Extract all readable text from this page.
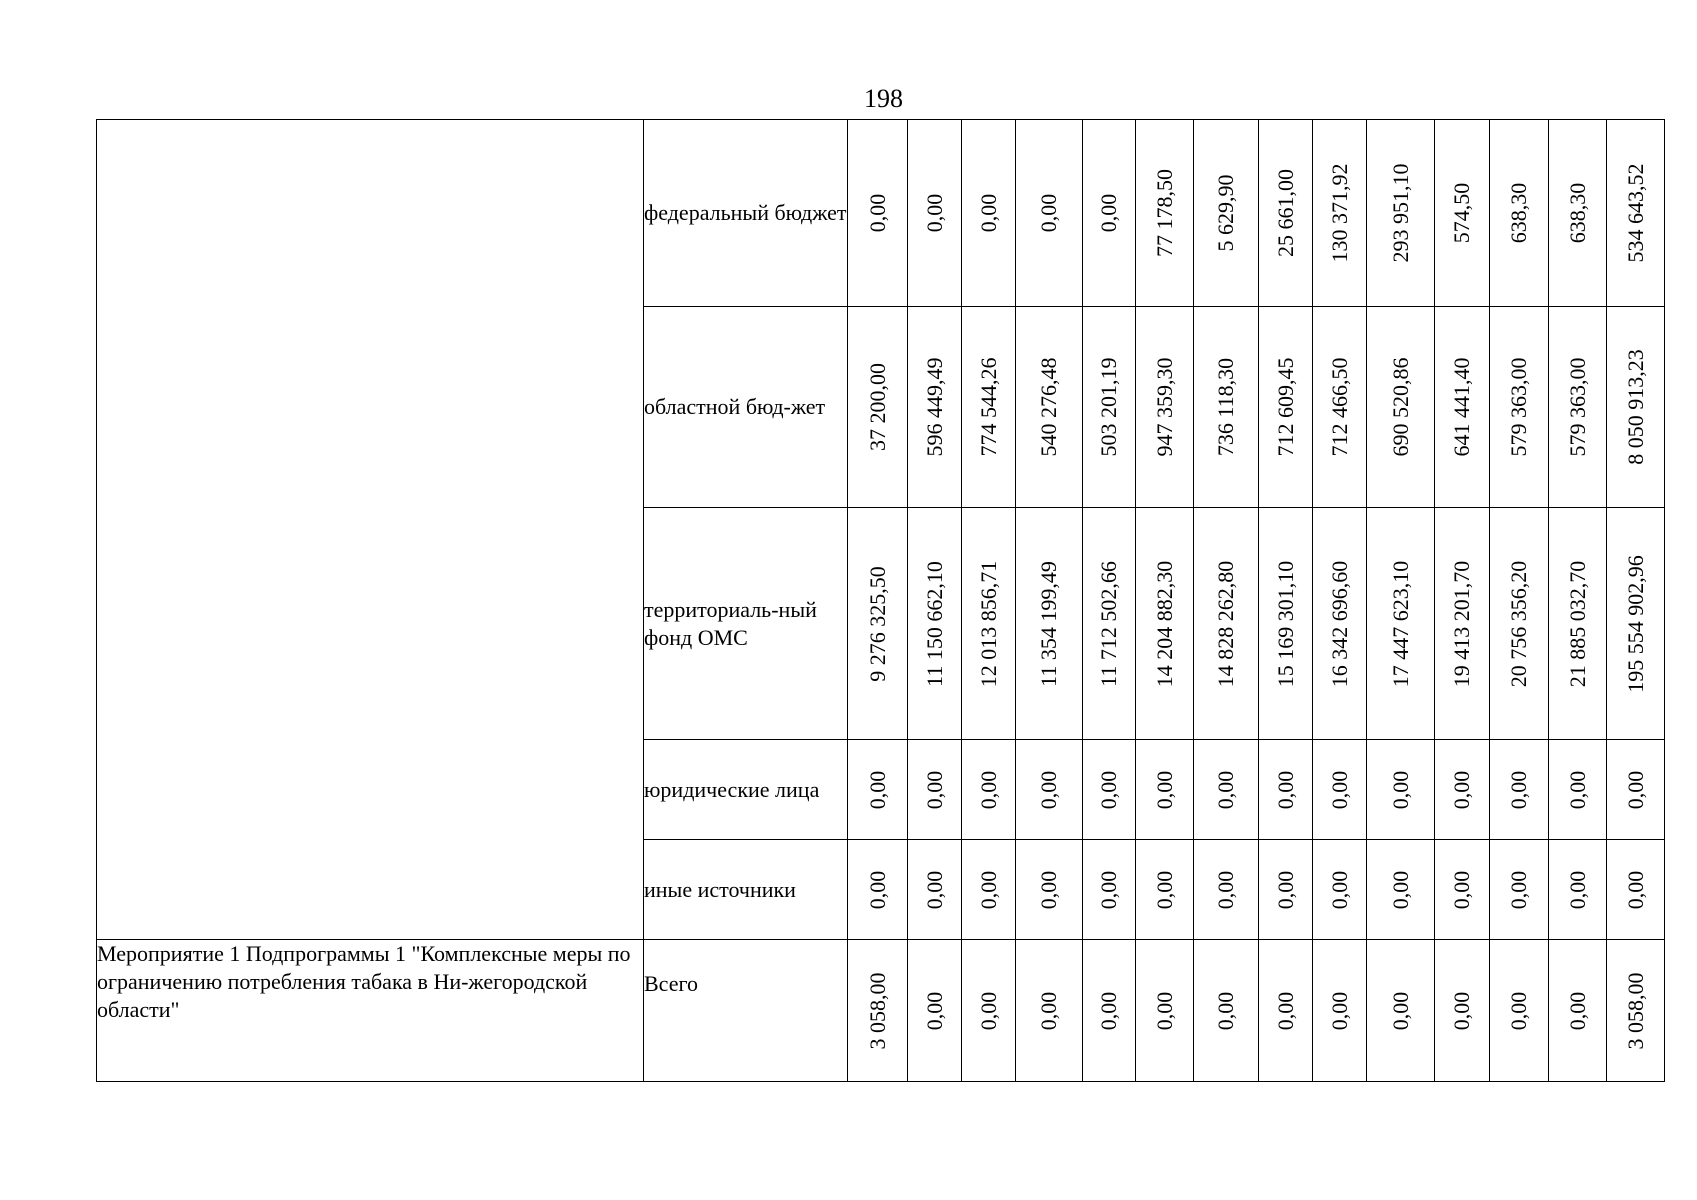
198
	федеральный бюджет	0,00	0,00	0,00	0,00	0,00	77 178,50	5 629,90	25 661,00	130 371,92	293 951,10	574,50	638,30	638,30	534 643,52

	областной бюд-жет	37 200,00	596 449,49	774 544,26	540 276,48	503 201,19	947 359,30	736 118,30	712 609,45	712 466,50	690 520,86	641 441,40	579 363,00	579 363,00	8 050 913,23

	территориаль-ный фонд ОМС	9 276 325,50	11 150 662,10	12 013 856,71	11 354 199,49	11 712 502,66	14 204 882,30	14 828 262,80	15 169 301,10	16 342 696,60	17 447 623,10	19 413 201,70	20 756 356,20	21 885 032,70	195 554 902,96

	юридические лица	0,00	0,00	0,00	0,00	0,00	0,00	0,00	0,00	0,00	0,00	0,00	0,00	0,00	0,00

	иные источники	0,00	0,00	0,00	0,00	0,00	0,00	0,00	0,00	0,00	0,00	0,00	0,00	0,00	0,00

Мероприятие 1 Подпрограммы 1 "Комплексные меры по ограничению потребления табака в Ни-жегородской области"	Всего	3 058,00	0,00	0,00	0,00	0,00	0,00	0,00	0,00	0,00	0,00	0,00	0,00	0,00	3 058,00
